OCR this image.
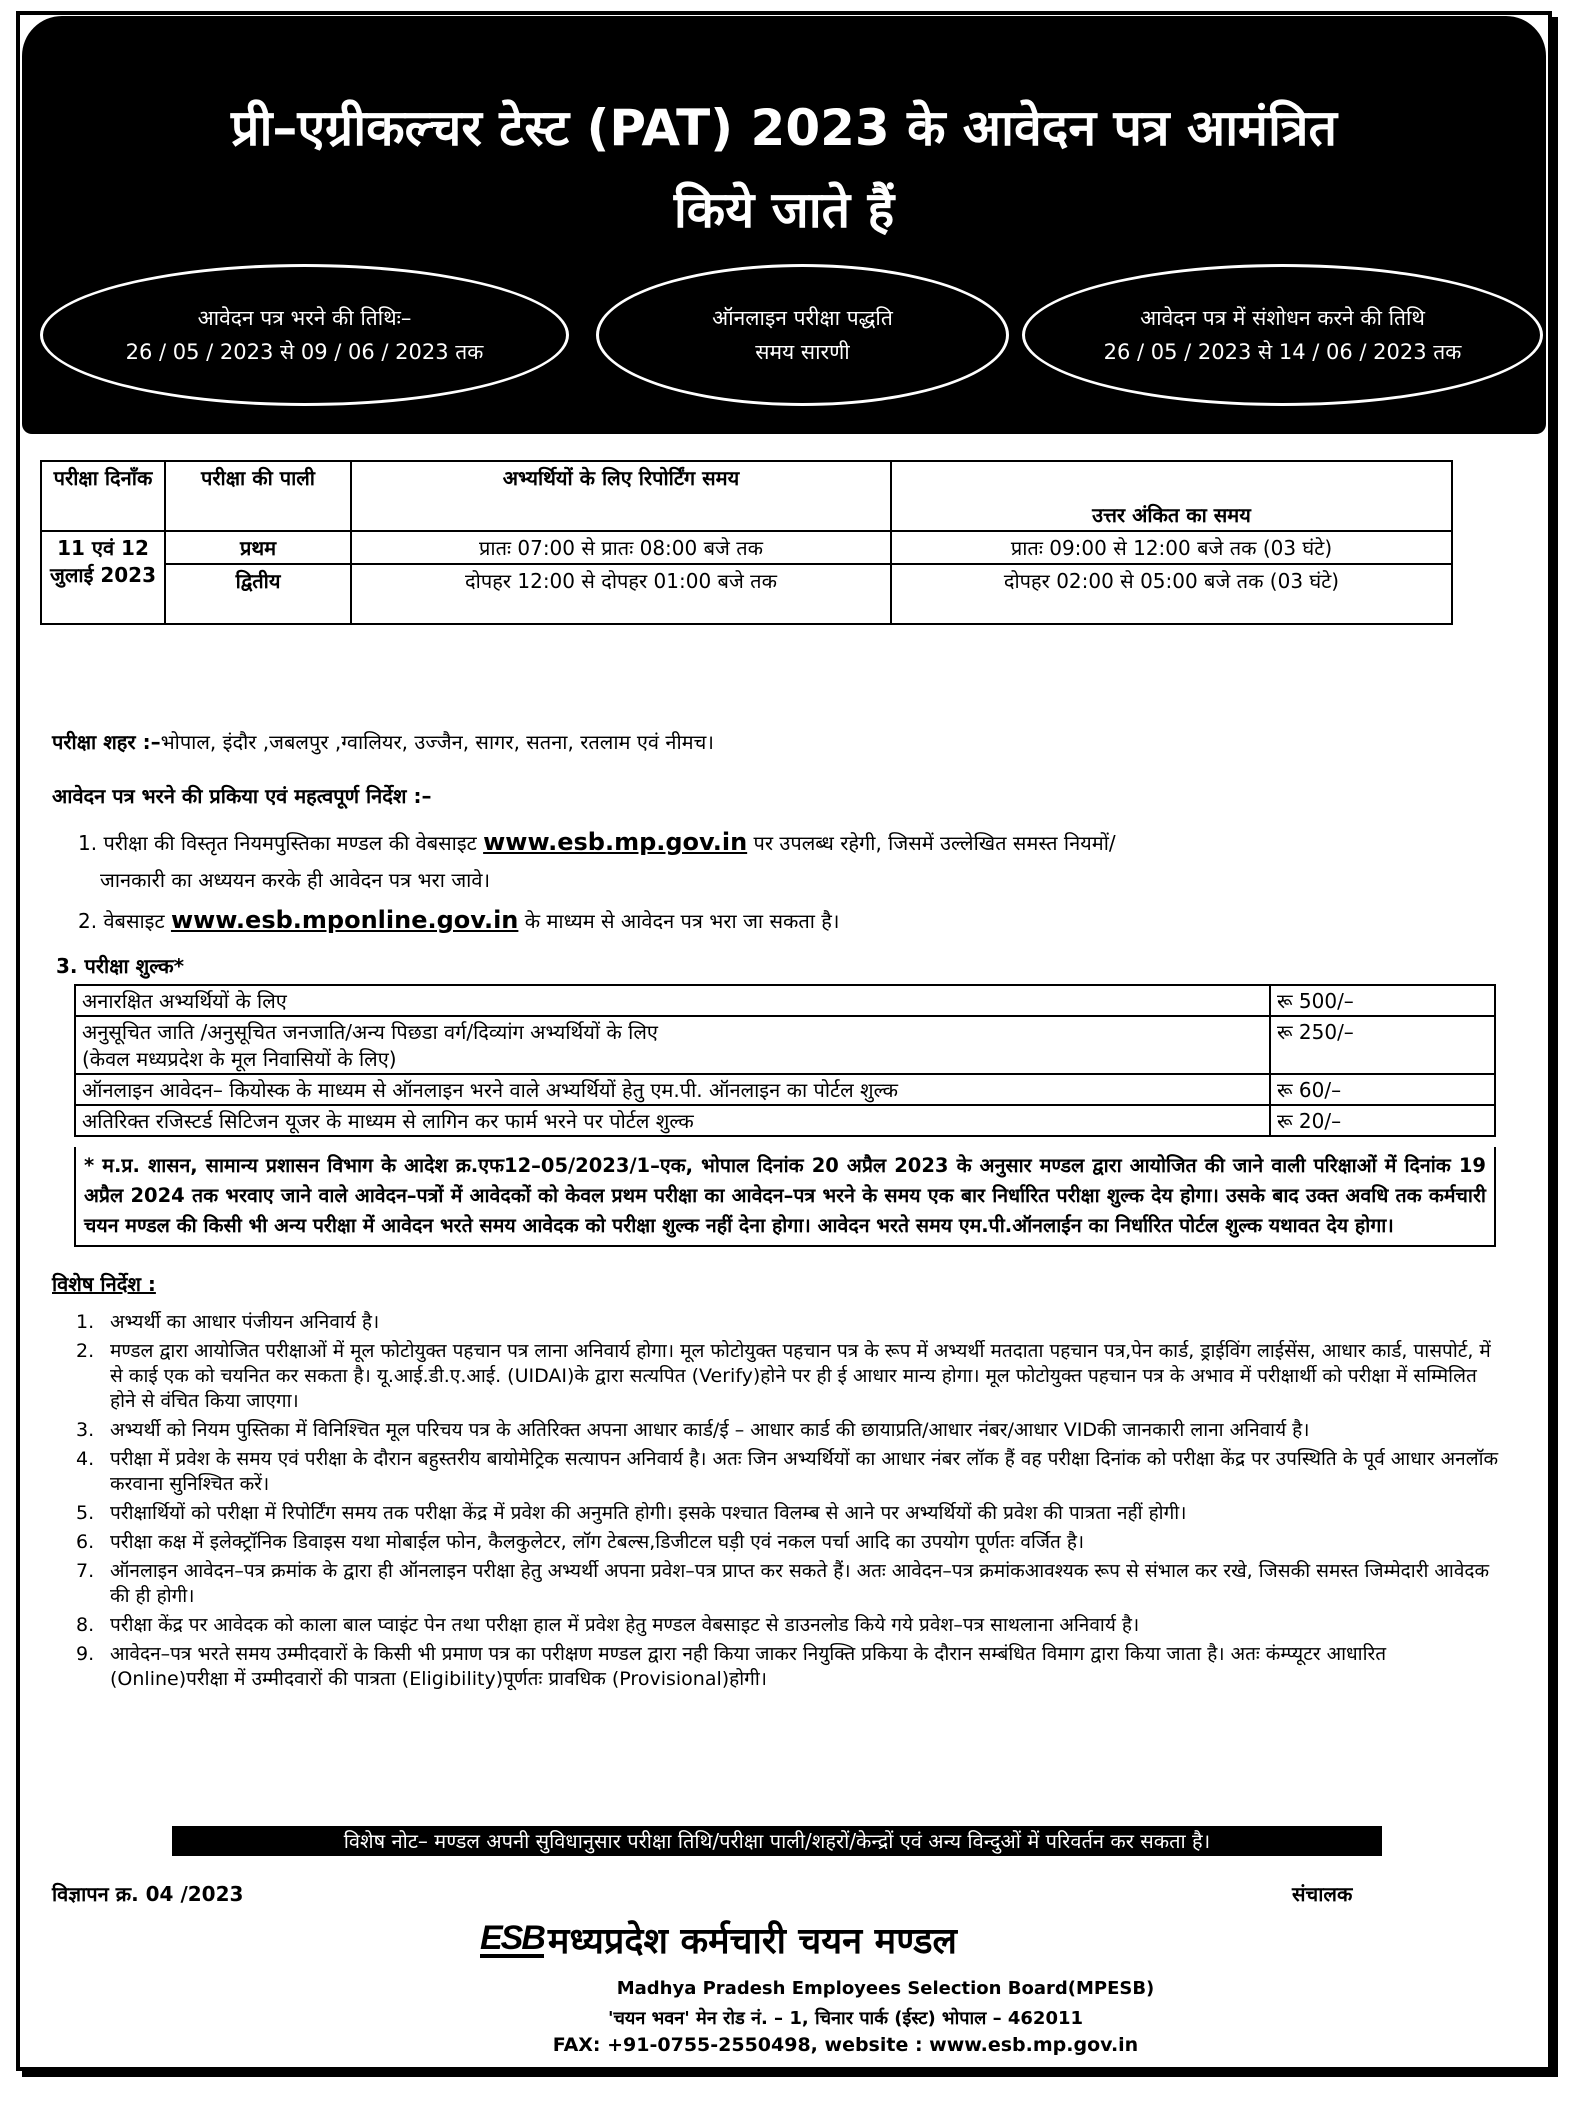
प्री–एग्रीकल्चर टेस्ट (PAT) 2023 के आवेदन पत्र आमंत्रित
किये जाते हैं
आवेदन पत्र भरने की तिथिः–
26 / 05 / 2023 से 09 / 06 / 2023 तक
ऑनलाइन परीक्षा पद्धति
समय सारणी
आवेदन पत्र में संशोधन करने की तिथि
26 / 05 / 2023 से 14 / 06 / 2023 तक
परीक्षा दिनाँक	परीक्षा की पाली	अभ्यर्थियों के लिए रिपोर्टिंग समय	उत्तर अंकित का समय
11 एवं 12 जुलाई 2023	प्रथम	प्रातः 07:00 से प्रातः 08:00 बजे तक	प्रातः 09:00 से 12:00 बजे तक (03 घंटे)
	द्वितीय	दोपहर 12:00 से दोपहर 01:00 बजे तक	दोपहर 02:00 से 05:00 बजे तक (03 घंटे)
परीक्षा शहर :–भोपाल, इंदौर ,जबलपुर ,ग्वालियर, उज्जैन, सागर, सतना, रतलाम एवं नीमच।
आवेदन पत्र भरने की प्रकिया एवं महत्वपूर्ण निर्देश :–
1. परीक्षा की विस्तृत नियमपुस्तिका मण्डल की वेबसाइट www.esb.mp.gov.in पर उपलब्ध रहेगी, जिसमें उल्लेखित समस्त नियमों/
जानकारी का अध्ययन करके ही आवेदन पत्र भरा जावे।
2. वेबसाइट www.esb.mponline.gov.in के माध्यम से आवेदन पत्र भरा जा सकता है।
3. परीक्षा शुल्क*
अनारक्षित अभ्यर्थियों के लिए	रू 500/–

अनुसूचित जाति /अनुसूचित जनजाति/अन्य पिछडा वर्ग/दिव्यांग अभ्यर्थियों के लिए
(केवल मध्यप्रदेश के मूल निवासियों के लिए)	रू 250/–
ऑनलाइन आवेदन– कियोस्क के माध्यम से ऑनलाइन भरने वाले अभ्यर्थियों हेतु एम.पी. ऑनलाइन का पोर्टल शुल्क	रू 60/–
अतिरिक्त रजिस्टर्ड सिटिजन यूजर के माध्यम से लागिन कर फार्म भरने पर पोर्टल शुल्क	रू 20/–
* म.प्र. शासन, सामान्य प्रशासन विभाग के आदेश क्र.एफ12–05/2023/1–एक, भोपाल दिनांक 20 अप्रैल 2023 के अनुसार मण्डल द्वारा आयोजित की जाने वाली परिक्षाओं में दिनांक 19 अप्रैल 2024 तक भरवाए जाने वाले आवेदन–पत्रों में आवेदकों को केवल प्रथम परीक्षा का आवेदन–पत्र भरने के समय एक बार निर्धारित परीक्षा शुल्क देय होगा। उसके बाद उक्त अवधि तक कर्मचारी चयन मण्डल की किसी भी अन्य परीक्षा में आवेदन भरते समय आवेदक को परीक्षा शुल्क नहीं देना होगा। आवेदन भरते समय एम.पी.ऑनलाईन का निर्धारित पोर्टल शुल्क यथावत देय होगा।
विशेष निर्देश :
1. अभ्यर्थी का आधार पंजीयन अनिवार्य है।
2. मण्डल द्वारा आयोजित परीक्षाओं में मूल फोटोयुक्त पहचान पत्र लाना अनिवार्य होगा। मूल फोटोयुक्त पहचान पत्र के रूप में अभ्यर्थी मतदाता पहचान पत्र,पेन कार्ड, ड्राईविंग लाईसेंस, आधार कार्ड, पासपोर्ट, में से काई एक को चयनित कर सकता है। यू.आई.डी.ए.आई. (UIDAI)के द्वारा सत्यपित (Verify)होने पर ही ई आधार मान्य होगा। मूल फोटोयुक्त पहचान पत्र के अभाव में परीक्षार्थी को परीक्षा में सम्मिलित होने से वंचित किया जाएगा।
3. अभ्यर्थी को नियम पुस्तिका में विनिश्चित मूल परिचय पत्र के अतिरिक्त अपना आधार कार्ड/ई – आधार कार्ड की छायाप्रति/आधार नंबर/आधार VIDकी जानकारी लाना अनिवार्य है।
4. परीक्षा में प्रवेश के समय एवं परीक्षा के दौरान बहुस्तरीय बायोमेट्रिक सत्यापन अनिवार्य है। अतः जिन अभ्यर्थियों का आधार नंबर लॉक हैं वह परीक्षा दिनांक को परीक्षा केंद्र पर उपस्थिति के पूर्व आधार अनलॉक करवाना सुनिश्चित करें।
5. परीक्षार्थियों को परीक्षा में रिपोर्टिंग समय तक परीक्षा केंद्र में प्रवेश की अनुमति होगी। इसके पश्चात विलम्ब से आने पर अभ्यर्थियों की प्रवेश की पात्रता नहीं होगी।
6. परीक्षा कक्ष में इलेक्ट्रॉनिक डिवाइस यथा मोबाईल फोन, कैलकुलेटर, लॉग टेबल्स,डिजीटल घड़ी एवं नकल पर्चा आदि का उपयोग पूर्णतः वर्जित है।
7. ऑनलाइन आवेदन–पत्र क्रमांक के द्वारा ही ऑनलाइन परीक्षा हेतु अभ्यर्थी अपना प्रवेश–पत्र प्राप्त कर सकते हैं। अतः आवेदन–पत्र क्रमांकआवश्यक रूप से संभाल कर रखे, जिसकी समस्त जिम्मेदारी आवेदक की ही होगी।
8. परीक्षा केंद्र पर आवेदक को काला बाल प्वाइंट पेन तथा परीक्षा हाल में प्रवेश हेतु मण्डल वेबसाइट से डाउनलोड किये गये प्रवेश–पत्र साथलाना अनिवार्य है।
9. आवेदन–पत्र भरते समय उम्मीदवारों के किसी भी प्रमाण पत्र का परीक्षण मण्डल द्वारा नही किया जाकर नियुक्ति प्रकिया के दौरान सम्बंधित विमाग द्वारा किया जाता है। अतः कंम्प्यूटर आधारित (Online)परीक्षा में उम्मीदवारों की पात्रता (Eligibility)पूर्णतः प्रावधिक (Provisional)होगी।
विशेष नोट– मण्डल अपनी सुविधानुसार परीक्षा तिथि/परीक्षा पाली/शहरों/केन्द्रों एवं अन्य विन्दुओं में परिवर्तन कर सकता है।
विज्ञापन क्र. 04 /2023	संचालक
ESB मध्यप्रदेश कर्मचारी चयन मण्डल
Madhya Pradesh Employees Selection Board(MPESB)
'चयन भवन' मेन रोड नं. – 1, चिनार पार्क (ईस्ट) भोपाल – 462011
FAX: +91-0755-2550498, website : www.esb.mp.gov.in
